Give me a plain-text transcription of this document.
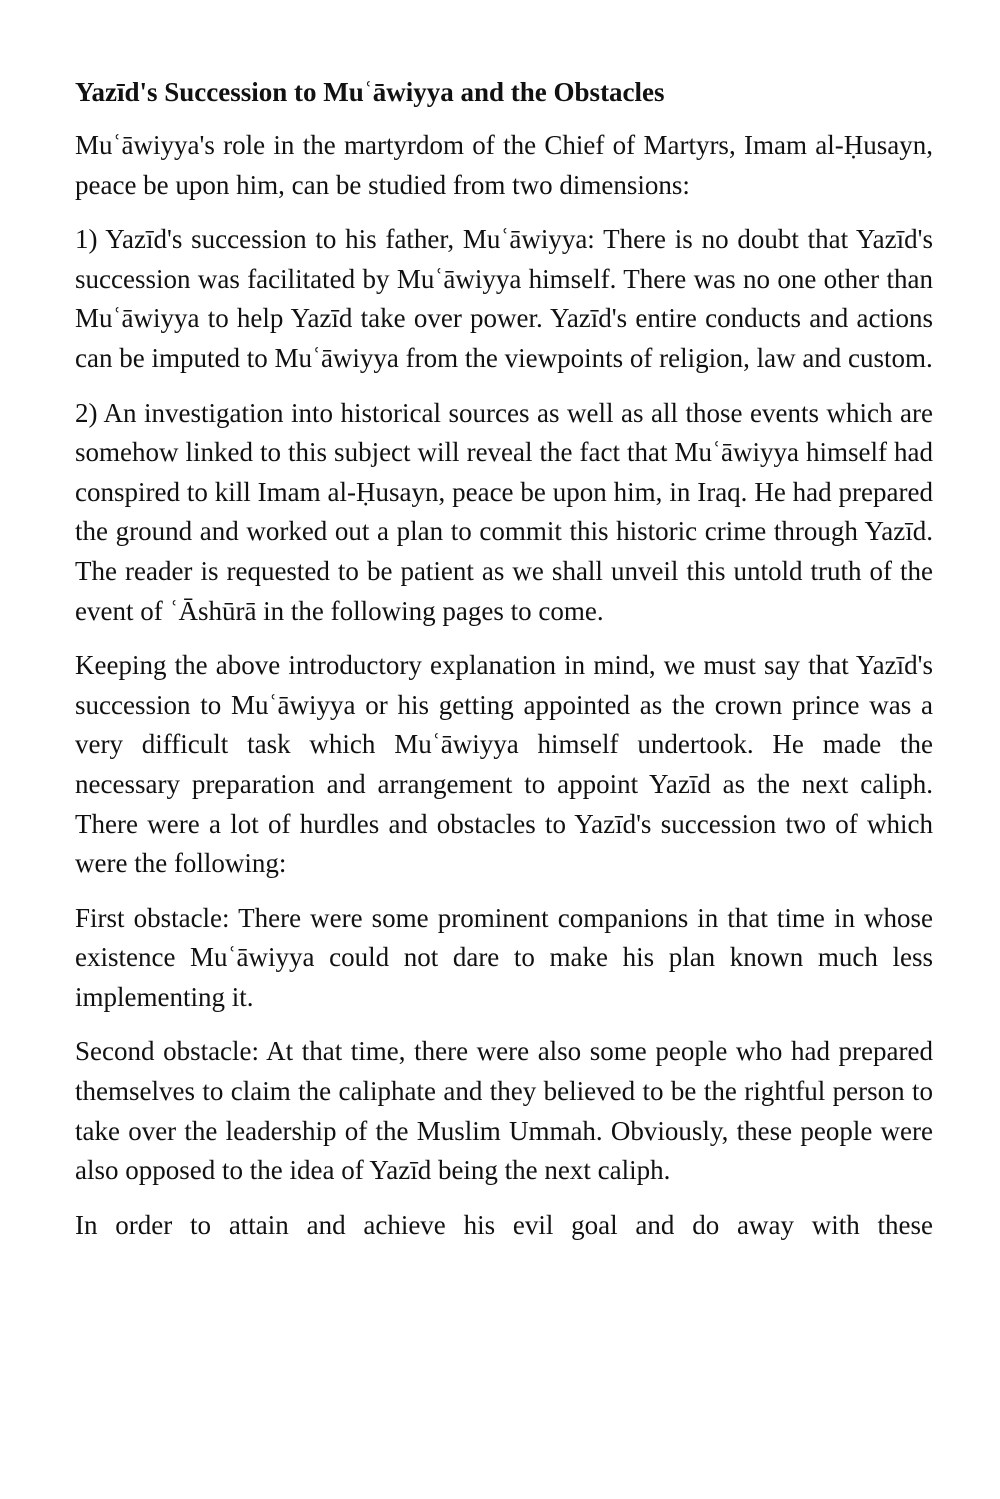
Yazīd's Succession to Muʿāwiyya and the Obstacles

Muʿāwiyya's role in the martyrdom of the Chief of Martyrs, Imam al-Ḥusayn, peace be upon him, can be studied from two dimensions:

1) Yazīd's succession to his father, Muʿāwiyya: There is no doubt that Yazīd's succession was facilitated by Muʿāwiyya himself. There was no one other than Muʿāwiyya to help Yazīd take over power. Yazīd's entire conducts and actions can be imputed to Muʿāwiyya from the viewpoints of religion, law and custom.

2) An investigation into historical sources as well as all those events which are somehow linked to this subject will reveal the fact that Muʿāwiyya himself had conspired to kill Imam al-Ḥusayn, peace be upon him, in Iraq. He had prepared the ground and worked out a plan to commit this historic crime through Yazīd. The reader is requested to be patient as we shall unveil this untold truth of the event of ʿĀshūrā in the following pages to come.

Keeping the above introductory explanation in mind, we must say that Yazīd's succession to Muʿāwiyya or his getting appointed as the crown prince was a very difficult task which Muʿāwiyya himself undertook. He made the necessary preparation and arrangement to appoint Yazīd as the next caliph. There were a lot of hurdles and obstacles to Yazīd's succession two of which were the following:

First obstacle: There were some prominent companions in that time in whose existence Muʿāwiyya could not dare to make his plan known much less implementing it.

Second obstacle: At that time, there were also some people who had prepared themselves to claim the caliphate and they believed to be the rightful person to take over the leadership of the Muslim Ummah. Obviously, these people were also opposed to the idea of Yazīd being the next caliph.

In order to attain and achieve his evil goal and do away with these
